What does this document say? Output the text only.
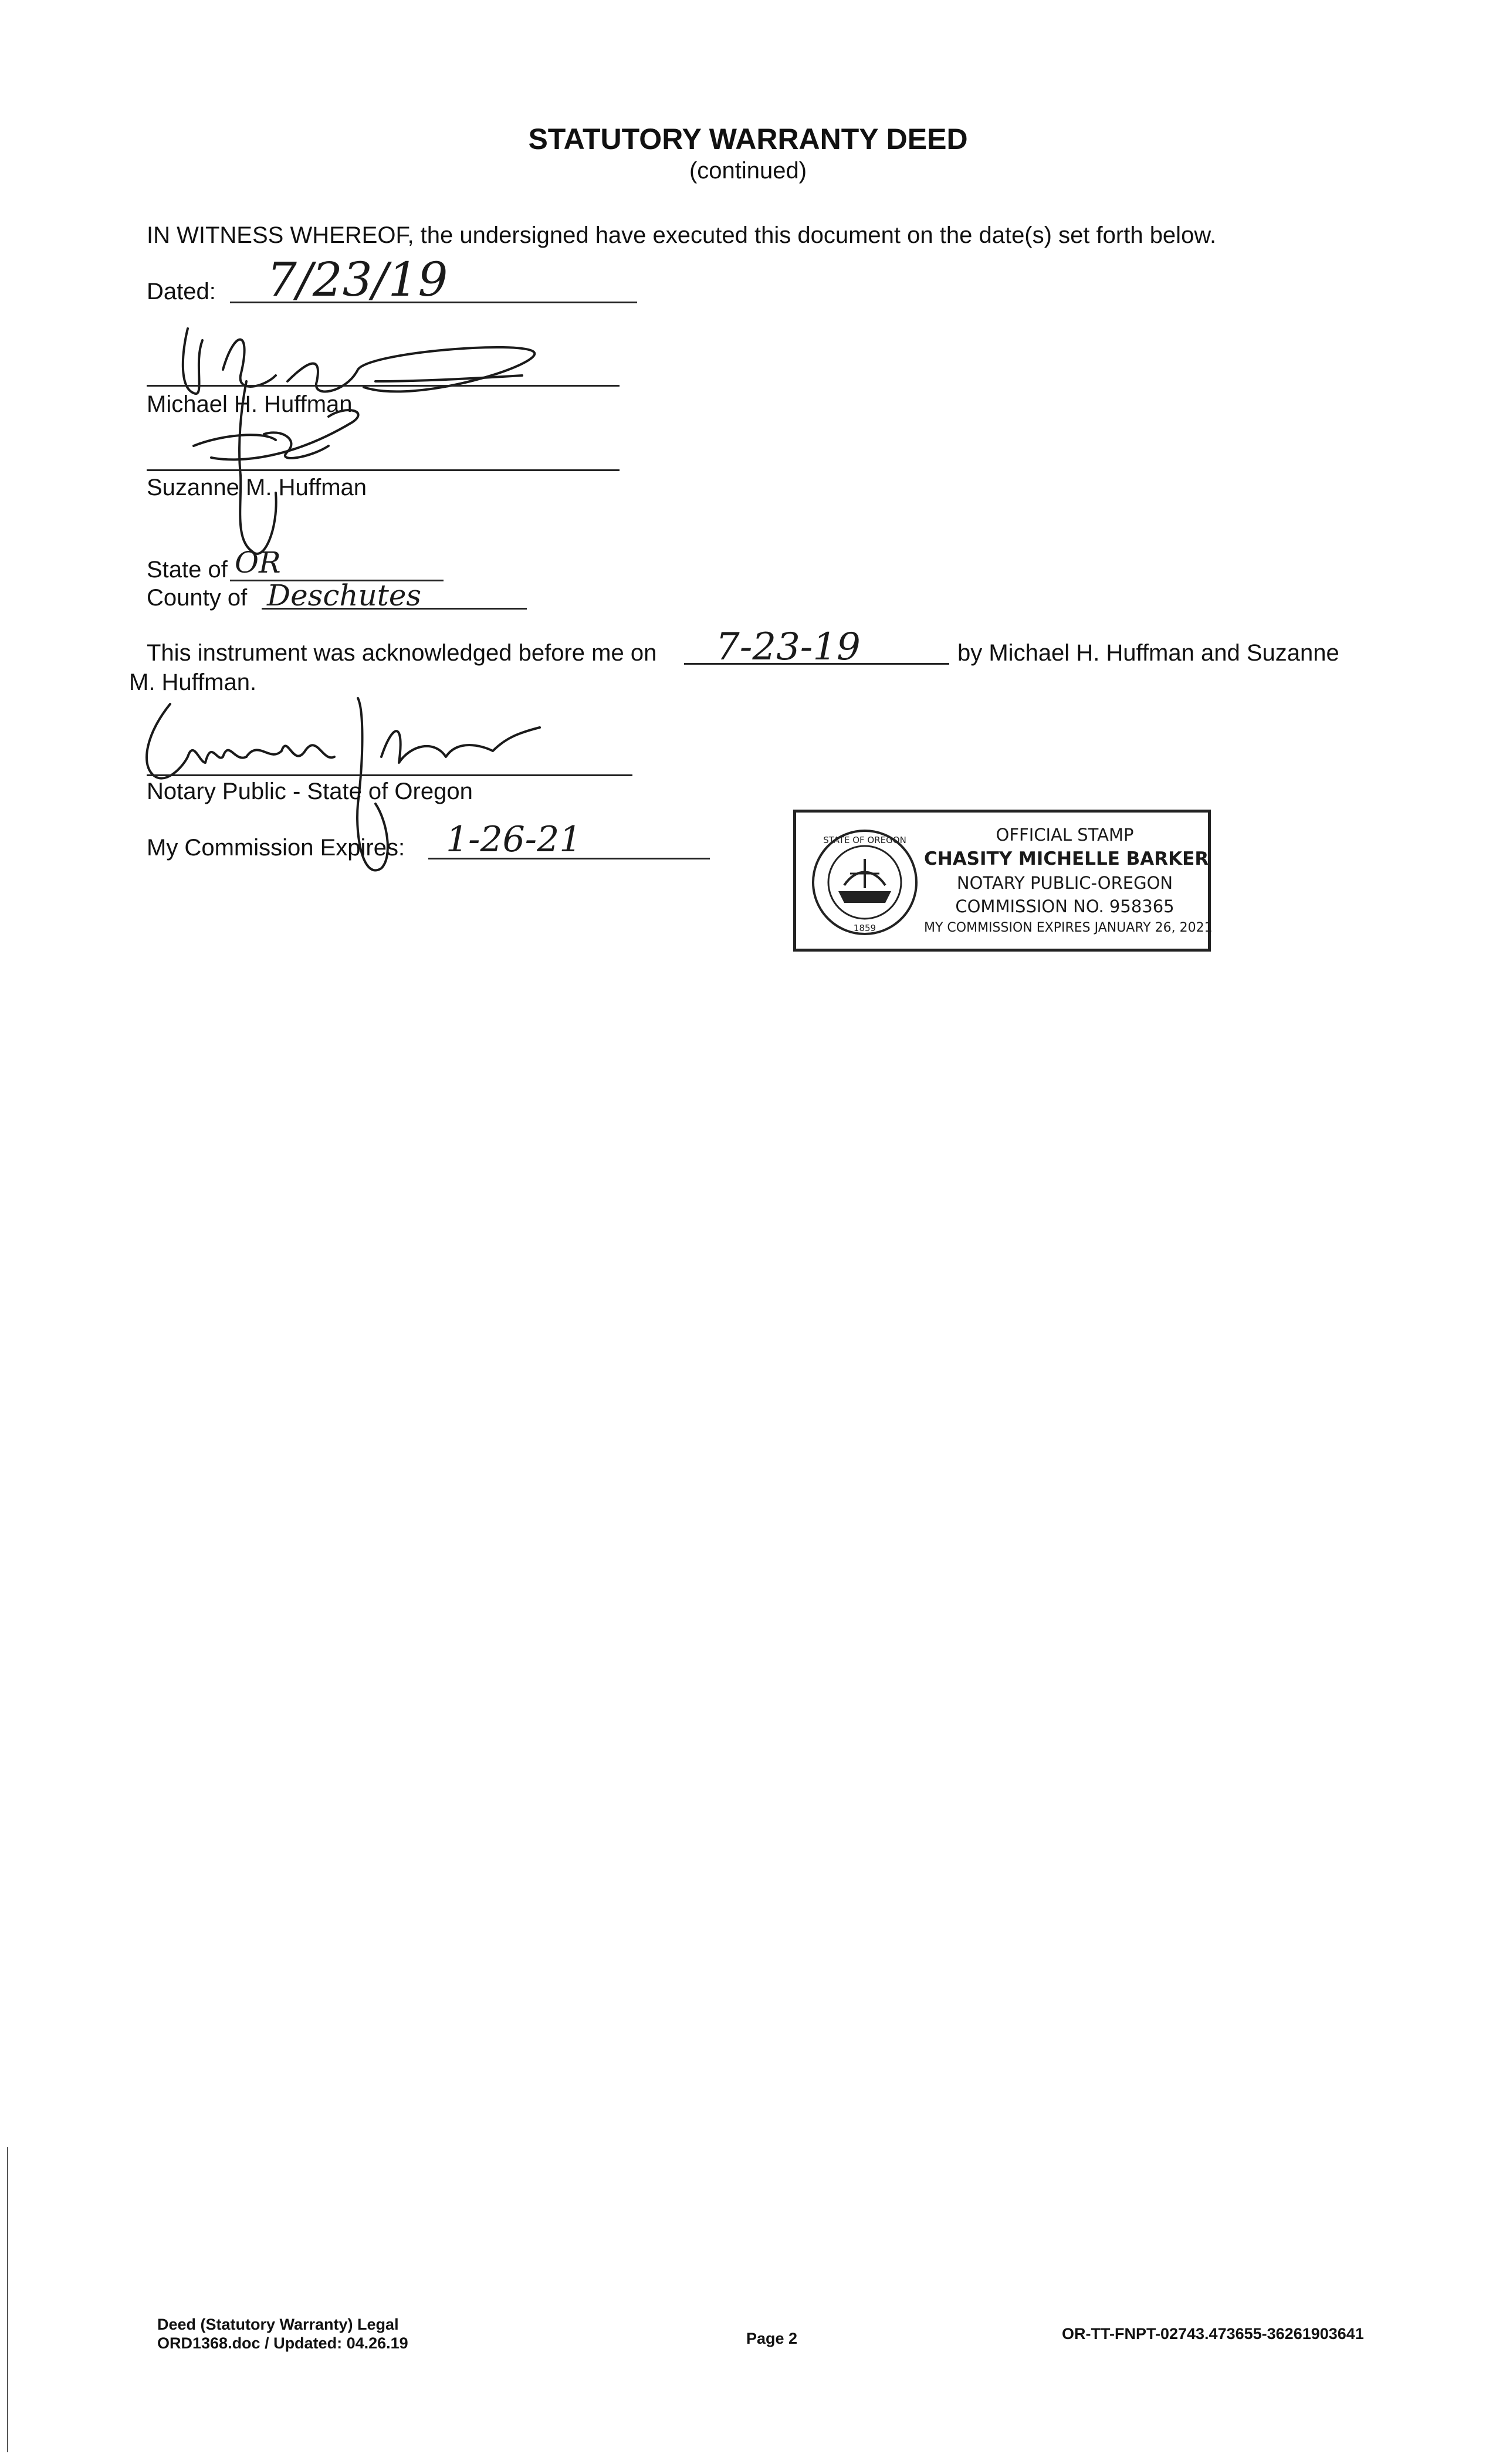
STATUTORY WARRANTY DEED
(continued)
IN WITNESS WHEREOF, the undersigned have executed this document on the date(s) set forth below.
Dated: 7/23/19
Michael H. Huffman
Suzanne M. Huffman
State of OR
County of Deschutes
This instrument was acknowledged before me on 7-23-19	by Michael H. Huffman and Suzanne
M. Huffman.
Notary Public - State of Oregon
My Commission Expires: 1-26-21	STATE OF OREGON
1859
OFFICIAL STAMP
CHASITY MICHELLE BARKER
NOTARY PUBLIC-OREGON
COMMISSION NO. 958365
MY COMMISSION EXPIRES JANUARY 26, 2021
Deed (Statutory Warranty) Legal
ORD1368.doc / Updated: 04.26.19	Page 2	OR-TT-FNPT-02743.473655-36261903641
